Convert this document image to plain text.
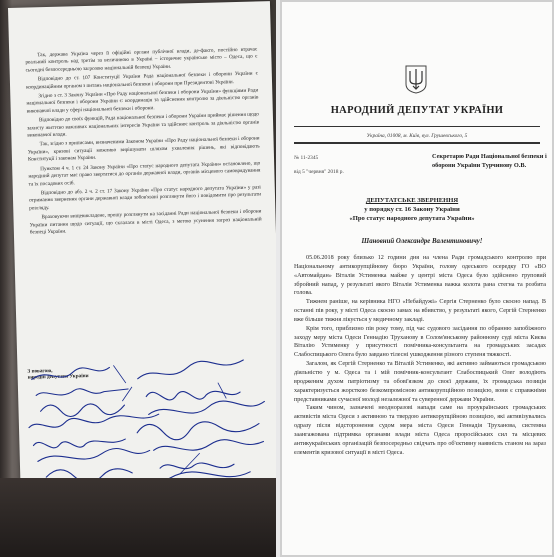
Так, держава Україна через її офіційні органи публічної влади, де-факто, постійно втрачає реальний контроль над третім за величиною в Україні – історичне українське місто – Одеса, що є сьогодні безпосередньою загрозою національній безпеці України.

Відповідно до ст. 107 Конституції України Рада національної безпеки і оборони України є координаційним органом з питань національної безпеки і оборони при Президентові України.

Згідно з ст. 3 Закону України «Про Раду національної безпеки і оборони України» функціями Ради національної безпеки і оборони України є: координація та здійснення контролю за діяльністю органів виконавчої влади у сфері національної безпеки і оборони.

Відповідно до своїх функцій, Рада національної безпеки і оборони України приймає рішення щодо захисту життєво важливих національних інтересів України та здійснює контроль за діяльністю органів виконавчої влади.

Так, згідно з приписами, визначеними Законом України «Про Раду національної безпеки і оборони України», кризові ситуації можливо вирішувати шляхом ухвалення рішень, які відповідають Конституції і законам України.

Пунктом 4 ч. 1 ст. 24 Закону України «Про статус народного депутата України» встановлено, що народний депутат має право звертатися до органів державної влади, органів місцевого самоврядування та їх посадових осіб.

Відповідно до абз. 2 ч. 2 ст. 17 Закону України «Про статус народного депутата України» у разі отримання звернення органи державної влади зобов'язані розглянути його і повідомити про результати розгляду.

Враховуючи вищевикладене, прошу розглянути на засіданні Ради національної безпеки і оборони України питання щодо ситуації, що склалася в місті Одеса, з метою усунення загроз національній безпеці України.

З повагою,
народні депутати України
НАРОДНИЙ ДЕПУТАТ УКРАЇНИ
Україна, 01008, м. Київ, вул. Грушевського, 5
№ 11-2345
від 5 "червня" 2018 р.
Секретарю Ради Національної безпеки і оборони України Турчинову О.В.
ДЕПУТАТСЬКЕ ЗВЕРНЕННЯ
у порядку ст. 16 Закону України
«Про статус народного депутата України»
Шановний Олександре Валентиновичу!

05.06.2018 року близько 12 години дня на члена Ради громадського контролю при Національному антикорупційному бюро України, голову одеського осередку ГО «ВО «Автомайдан» Віталія Устименка майже у центрі міста Одеса було здійснено груповий збройний напад, у результаті якого Віталія Устименка важка колота рана стегна та розбита голова.

Тижнем раніше, на керівника НГО «Небайдужі» Сергія Стерненко було скоєно напад. В останні пів року, у місті Одеса скоєно замах на вбивство, у результаті якого, Сергій Стерненко вже більше тижня лікується у медичному закладі.

Крім того, приблизно пів року тому, під час судового засідання по обранню запобіжного заходу меру міста Одеси Геннадію Труханову в Солом'янському районному суді міста Києва Віталію Устименку у присутності помічника-консультанта на громадських засадах Слабоспицького Олега було завдано тілесні ушкодження різного ступеня тяжкості.

Загалом, як Сергій Стерненко та Віталій Устименко, які активно займаються громадською діяльністю у м. Одеса та і мій помічник-консультант Слабоспицький Олег володіють вродженим духом патріотизму та обові'язком до своєї держави, їх громадська позиція характеризується жорсткою безкомпромісною антикорупційною позицією, вони є справжніми представниками сучасної молоді незалежної та суверенної держави України.

Таким чином, зазначені неодноразові напади саме на проукраїнських громадських активістів міста Одеси з активною та твердою антикорупційною позицією, які активізувались одразу після відсторонення судом мера міста Одеси Геннадія Труханова, системна заангажована підтримка органами влади міста Одеса проросійських сил та місцевих антикукраїнських організацій безпосередньо свідчать про об'єктивну наявність станом на зараз елементів кризової ситуації в місті Одеса.
